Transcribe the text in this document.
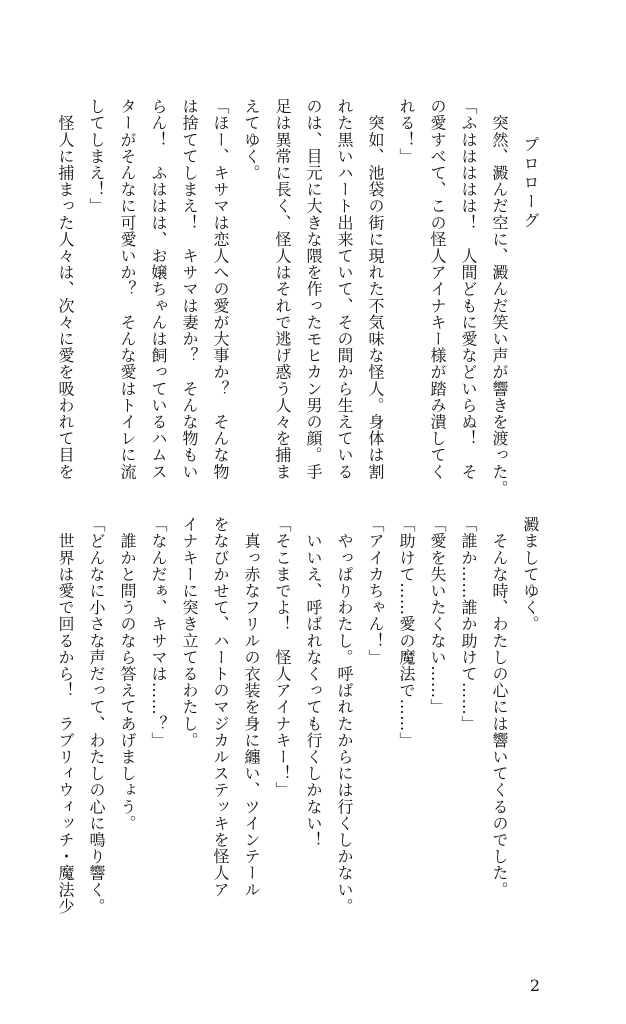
プロローグ
　突然、澱んだ空に、澱んだ笑い声が響きを渡った。
「ふははははは！　人間どもに愛などいらぬ！　そ
の愛すべて、この怪人アイナキー様が踏み潰してく
れる！」
　突如、池袋の街に現れた不気味な怪人。身体は割
れた黒いハート出来ていて、その間から生えている
のは、目元に大きな隈を作ったモヒカン男の顔。手
足は異常に長く、怪人はそれで逃げ惑う人々を捕ま
えてゆく。
「ほー、キサマは恋人への愛が大事か？　そんな物
は捨ててしまえ！　キサマは妻か？　そんな物もい
らん！　ふははは、お嬢ちゃんは飼っているハムス
ターがそんなに可愛いか？　そんな愛はトイレに流
してしまえ！」
　怪人に捕まった人々は、次々に愛を吸われて目を
澱ましてゆく。
　そんな時、わたしの心には響いてくるのでした。
「誰か……誰か助けて……」
「愛を失いたくない……」
「助けて……愛の魔法で……」
「アイカちゃん！」
　やっぱりわたし。呼ばれたからには行くしかない。
　いいえ、呼ばれなくっても行くしかない！
「そこまでよ！　怪人アイナキー！」
　真っ赤なフリルの衣装を身に纏い、ツインテール
をなびかせて、ハートのマジカルステッキを怪人ア
イナキーに突き立てるわたし。
「なんだぁ、キサマは……？」
　誰かと問うのなら答えてあげましょう。
「どんなに小さな声だって、わたしの心に鳴り響く。
　世界は愛で回るから！　ラブリィウィッチ・魔法少
2
